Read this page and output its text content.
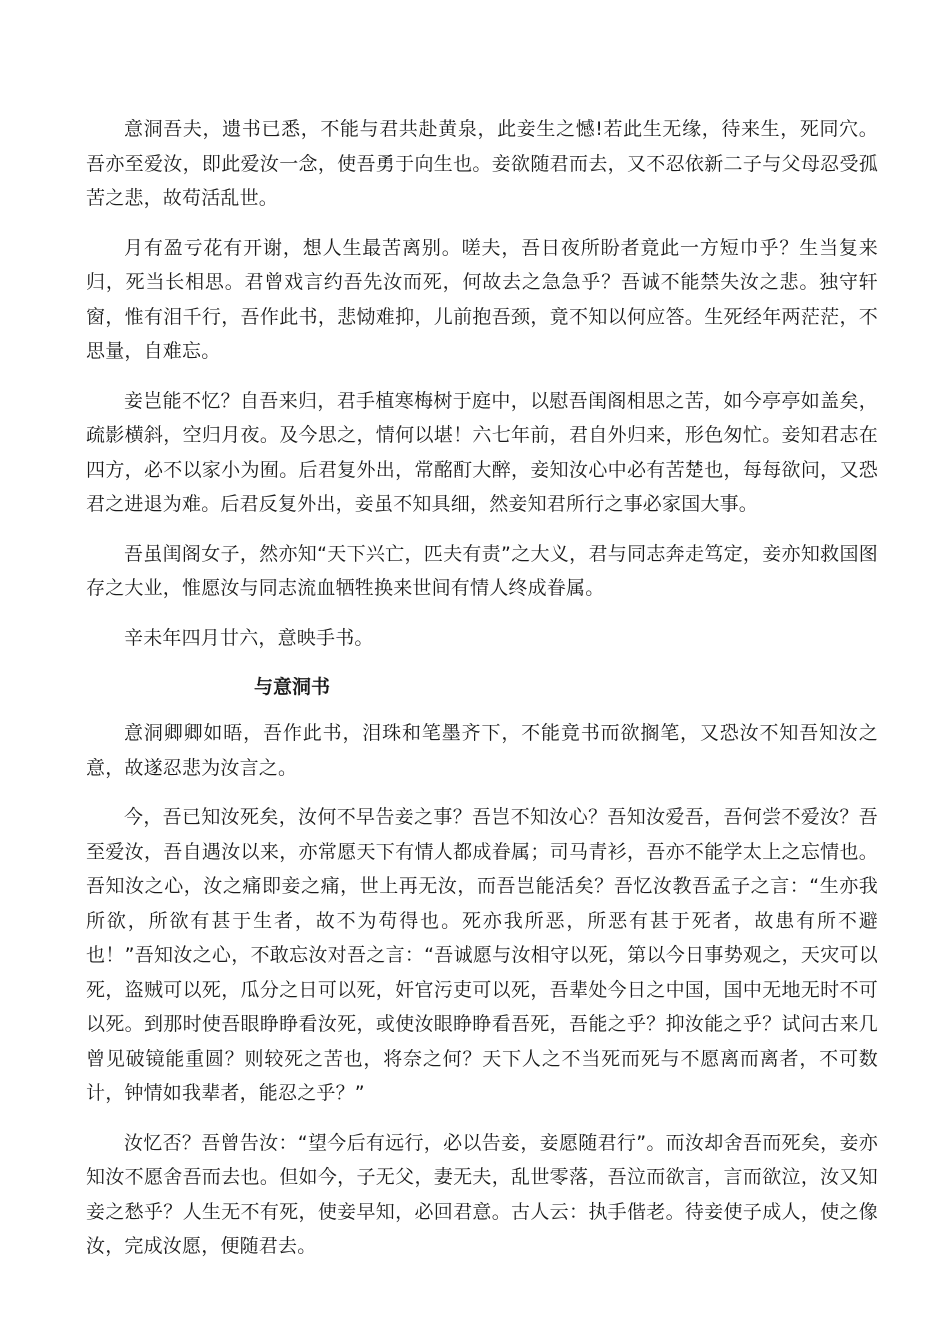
意洞吾夫，遗书已悉，不能与君共赴黄泉，此妾生之憾!若此生无缘，待来生，死同穴。吾亦至爱汝，即此爱汝一念，使吾勇于向生也。妾欲随君而去，又不忍依新二子与父母忍受孤苦之悲，故苟活乱世。

月有盈亏花有开谢，想人生最苦离别。嗟夫，吾日夜所盼者竟此一方短巾乎？生当复来归，死当长相思。君曾戏言约吾先汝而死，何故去之急急乎？吾诚不能禁失汝之悲。独守轩窗，惟有泪千行，吾作此书，悲恸难抑，儿前抱吾颈，竟不知以何应答。生死经年两茫茫，不思量，自难忘。

妾岂能不忆？自吾来归，君手植寒梅树于庭中，以慰吾闺阁相思之苦，如今亭亭如盖矣，疏影横斜，空归月夜。及今思之，情何以堪！六七年前，君自外归来，形色匆忙。妾知君志在四方，必不以家小为囿。后君复外出，常酩酊大醉，妾知汝心中必有苦楚也，每每欲问，又恐君之进退为难。后君反复外出，妾虽不知具细，然妾知君所行之事必家国大事。

吾虽闺阁女子，然亦知“天下兴亡，匹夫有责”之大义，君与同志奔走笃定，妾亦知救国图存之大业，惟愿汝与同志流血牺牲换来世间有情人终成眷属。

辛未年四月廿六，意映手书。

与意洞书

意洞卿卿如晤，吾作此书，泪珠和笔墨齐下，不能竟书而欲搁笔，又恐汝不知吾知汝之意，故遂忍悲为汝言之。

今，吾已知汝死矣，汝何不早告妾之事？吾岂不知汝心？吾知汝爱吾，吾何尝不爱汝？吾至爱汝，吾自遇汝以来，亦常愿天下有情人都成眷属；司马青衫，吾亦不能学太上之忘情也。吾知汝之心，汝之痛即妾之痛，世上再无汝，而吾岂能活矣？吾忆汝教吾孟子之言：“生亦我所欲，所欲有甚于生者，故不为苟得也。死亦我所恶，所恶有甚于死者，故患有所不避也！”吾知汝之心，不敢忘汝对吾之言：“吾诚愿与汝相守以死，第以今日事势观之，天灾可以死，盗贼可以死，瓜分之日可以死，奸官污吏可以死，吾辈处今日之中国，国中无地无时不可以死。到那时使吾眼睁睁看汝死，或使汝眼睁睁看吾死，吾能之乎？抑汝能之乎？试问古来几曾见破镜能重圆？则较死之苦也，将奈之何？天下人之不当死而死与不愿离而离者，不可数计，钟情如我辈者，能忍之乎？”

汝忆否？吾曾告汝：“望今后有远行，必以告妾，妾愿随君行”。而汝却舍吾而死矣，妾亦知汝不愿舍吾而去也。但如今，子无父，妻无夫，乱世零落，吾泣而欲言，言而欲泣，汝又知妾之愁乎？人生无不有死，使妾早知，必回君意。古人云：执手偕老。待妾使子成人，使之像汝，完成汝愿，便随君去。
